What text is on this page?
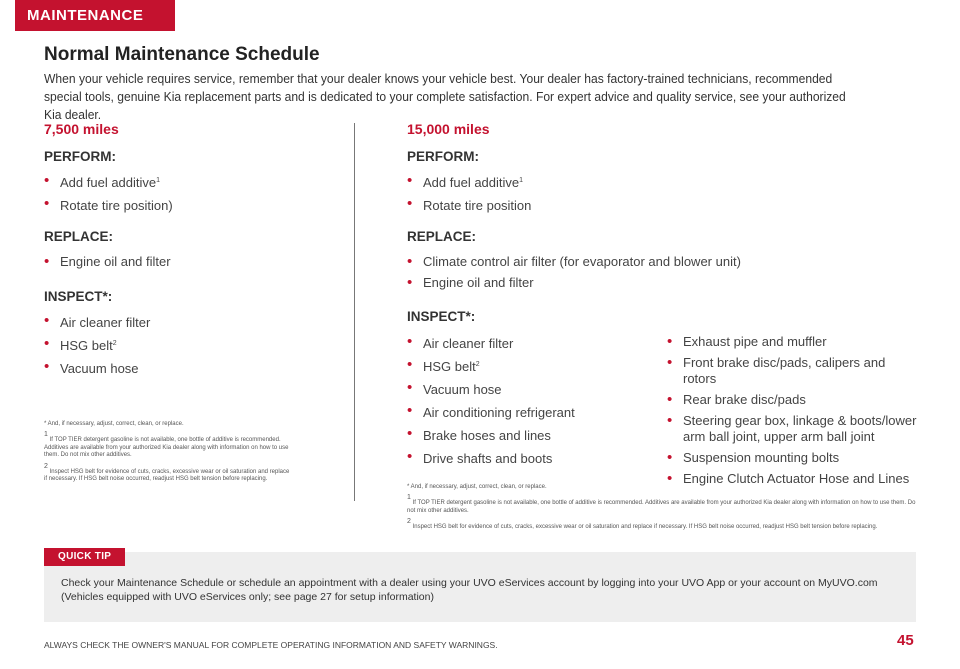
MAINTENANCE
Normal Maintenance Schedule

When your vehicle requires service, remember that your dealer knows your vehicle best. Your dealer has factory-trained technicians, recommended special tools, genuine Kia replacement parts and is dedicated to your complete satisfaction. For expert advice and quality service, see your authorized Kia dealer.

7,500 miles
PERFORM:
• Add fuel additive$^1$
• Rotate tire position)
REPLACE:
• Engine oil and filter
INSPECT*:
• Air cleaner filter
• HSG belt$^2$
• Vacuum hose

* And, if necessary, adjust, correct, clean, or replace.

$^1$ If TOP TIER detergent gasoline is not available, one bottle of additive is recommended. Additives are available from your authorized Kia dealer along with information on how to use them. Do not mix other additives.

$^2$ Inspect HSG belt for evidence of cuts, cracks, excessive wear or oil saturation and replace if necessary. If HSG belt noise occurred, readjust HSG belt tension before replacing.

15,000 miles
PERFORM:
• Add fuel additive$^1$
• Rotate tire position
REPLACE:
• Climate control air filter (for evaporator and blower unit)
• Engine oil and filter
INSPECT*:
• Air cleaner filter
• HSG belt$^2$
• Vacuum hose
• Air conditioning refrigerant
• Brake hoses and lines
• Drive shafts and boots
• Exhaust pipe and muffler
• Front brake disc/pads, calipers and rotors
• Rear brake disc/pads
• Steering gear box, linkage & boots/lower arm ball joint, upper arm ball joint
• Suspension mounting bolts
• Engine Clutch Actuator Hose and Lines

* And, if necessary, adjust, correct, clean, or replace.

$^1$ If TOP TIER detergent gasoline is not available, one bottle of additive is recommended. Additives are available from your authorized Kia dealer along with information on how to use them. Do not mix other additives.

$^2$ Inspect HSG belt for evidence of cuts, cracks, excessive wear or oil saturation and replace if necessary. If HSG belt noise occurred, readjust HSG belt tension before replacing.

QUICK TIP

Check your Maintenance Schedule or schedule an appointment with a dealer using your UVO eServices account by logging into your UVO App or your account on MyUVO.com (Vehicles equipped with UVO eServices only; see page 27 for setup information)

ALWAYS CHECK THE OWNER'S MANUAL FOR COMPLETE OPERATING INFORMATION AND SAFETY WARNINGS.	45
